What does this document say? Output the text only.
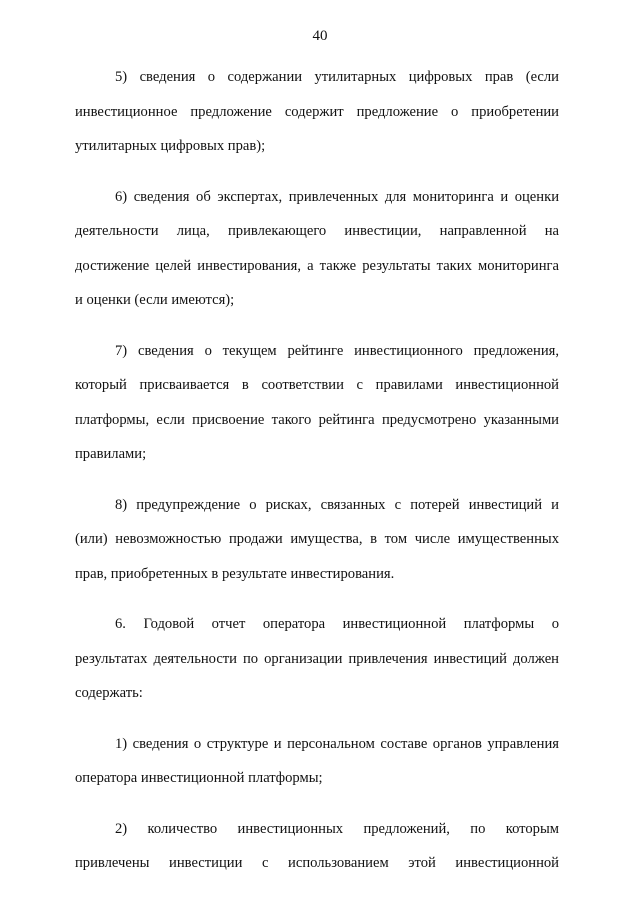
40

5) сведения о содержании утилитарных цифровых прав (если
инвестиционное предложение содержит предложение о приобретении
утилитарных цифровых прав);

6) сведения об экспертах, привлеченных для мониторинга и оценки
деятельности лица, привлекающего инвестиции, направленной на
достижение целей инвестирования, а также результаты таких мониторинга
и оценки (если имеются);

7) сведения о текущем рейтинге инвестиционного предложения,
который присваивается в соответствии с правилами инвестиционной
платформы, если присвоение такого рейтинга предусмотрено указанными
правилами;

8) предупреждение о рисках, связанных с потерей инвестиций и
(или) невозможностью продажи имущества, в том числе имущественных
прав, приобретенных в результате инвестирования.

6. Годовой отчет оператора инвестиционной платформы о
результатах деятельности по организации привлечения инвестиций должен
содержать:

1) сведения о структуре и персональном составе органов управления
оператора инвестиционной платформы;

2) количество инвестиционных предложений, по которым
привлечены инвестиции с использованием этой инвестиционной
